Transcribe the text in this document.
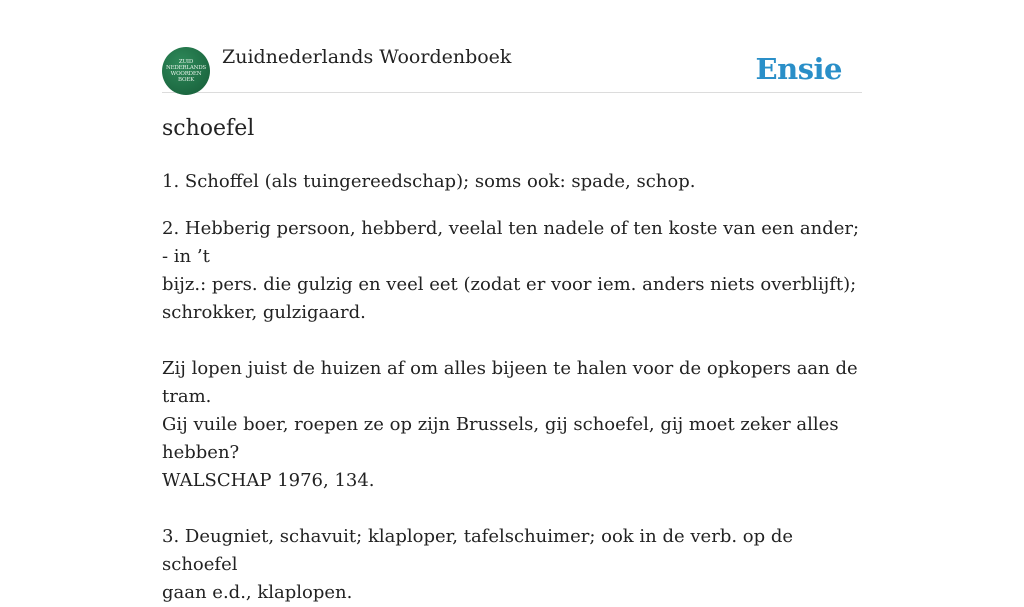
ZUID
NEDERLANDS
WOORDEN
BOEK
Zuidnederlands Woordenboek	Ensie
schoefel

1. Schoffel (als tuingereedschap); soms ook: spade, schop.

2. Hebberig persoon, hebberd, veelal ten nadele of ten koste van een ander; - in ’t
bijz.: pers. die gulzig en veel eet (zodat er voor iem. anders niets overblijft);
schrokker, gulzigaard.
Zij lopen juist de huizen af om alles bijeen te halen voor de opkopers aan de tram.
Gij vuile boer, roepen ze op zijn Brussels, gij schoefel, gij moet zeker alles hebben?
WALSCHAP 1976, 134.
3. Deugniet, schavuit; klaploper, tafelschuimer; ook in de verb. op de schoefel
gaan e.d., klaplopen.
